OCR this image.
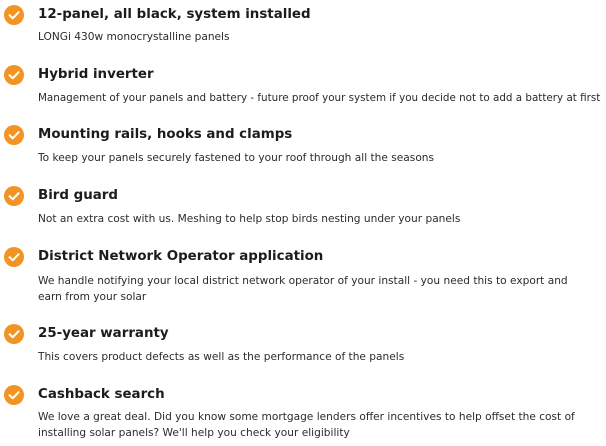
12-panel, all black, system installed
LONGi 430w monocrystalline panels
Hybrid inverter
Management of your panels and battery - future proof your system if you decide not to add a battery at first
Mounting rails, hooks and clamps
To keep your panels securely fastened to your roof through all the seasons
Bird guard
Not an extra cost with us. Meshing to help stop birds nesting under your panels
District Network Operator application
We handle notifying your local district network operator of your install - you need this to export and earn from your solar
25-year warranty
This covers product defects as well as the performance of the panels
Cashback search
We love a great deal. Did you know some mortgage lenders offer incentives to help offset the cost of installing solar panels? We'll help you check your eligibility
